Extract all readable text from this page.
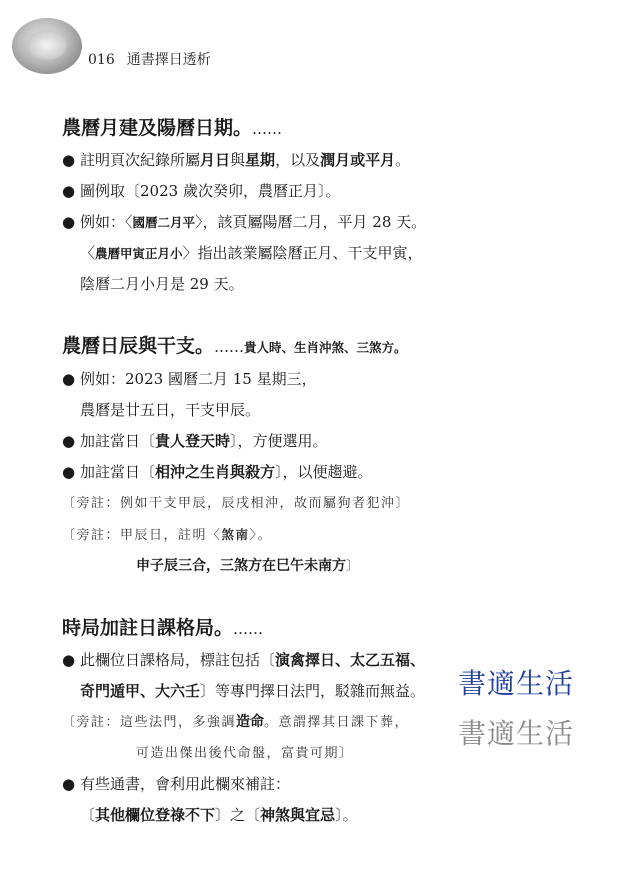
016 通書擇日透析
農曆月建及陽曆日期。……
● 註明頁次紀錄所屬月日與星期，以及潤月或平月。
● 圖例取〔2023 歲次癸卯，農曆正月〕。
● 例如：〈國曆二月平〉，該頁屬陽曆二月，平月 28 天。
〈農曆甲寅正月小〉指出該業屬陰曆正月、干支甲寅，
陰曆二月小月是 29 天。
農曆日辰與干支。……貴人時、生肖沖煞、三煞方。
● 例如：2023 國曆二月 15 星期三，
農曆是廿五日，干支甲辰。
● 加註當日〔貴人登天時〕，方便選用。
● 加註當日〔相沖之生肖與殺方〕，以便趨避。
〔旁註：例如干支甲辰，辰戌相沖，故而屬狗者犯沖〕
〔旁註：甲辰日，註明〈煞南〉。
申子辰三合，三煞方在巳午未南方〕
時局加註日課格局。……
● 此欄位日課格局，標註包括〔演禽擇日、太乙五福、
奇門遁甲、大六壬〕等專門擇日法門，駁雜而無益。
〔旁註：這些法門，多強調造命。意謂擇其日課下葬，
可造出傑出後代命盤，富貴可期〕
● 有些通書，會利用此欄來補註：
〔其他欄位登祿不下〕之〔神煞與宜忌〕。
書適生活
書適生活
